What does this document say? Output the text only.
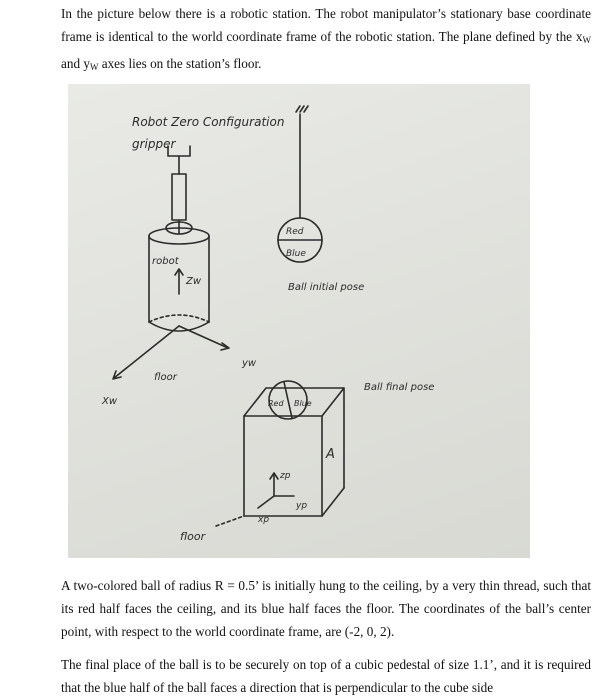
In the picture below there is a robotic station. The robot manipulator’s stationary base coordinate frame is identical to the world coordinate frame of the robotic station. The plane defined by the $x_W$ and $y_W$ axes lies on the station’s floor.
Robot Zero Configuration
gripper
robot
Zw
yw
Xw
floor
Red
Blue
Ball initial pose
Ball final pose
Red Blue
zp
yp
xp
A
floor
A two-colored ball of radius R = 0.5’ is initially hung to the ceiling, by a very thin thread, such that its red half faces the ceiling, and its blue half faces the floor. The coordinates of the ball’s center point, with respect to the world coordinate frame, are (-2, 0, 2).
The final place of the ball is to be securely on top of a cubic pedestal of size 1.1’, and it is required that the blue half of the ball faces a direction that is perpendicular to the cube side
